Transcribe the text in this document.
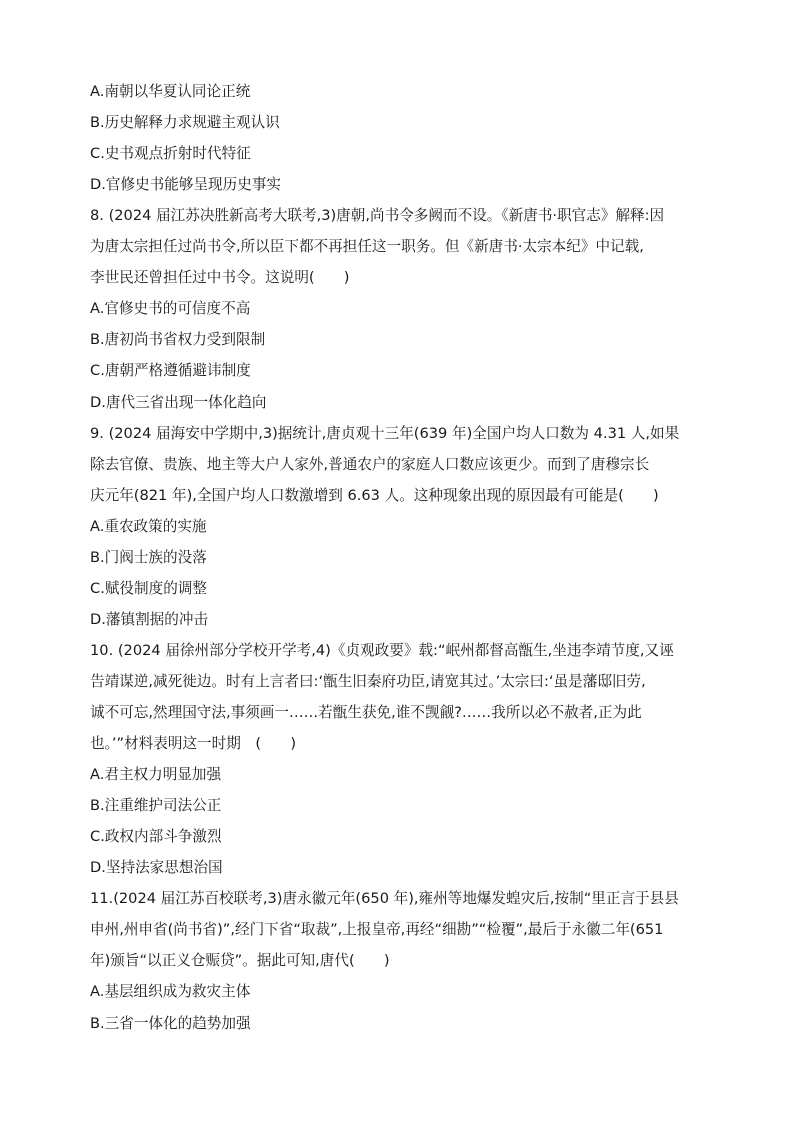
A.南朝以华夏认同论正统
B.历史解释力求规避主观认识
C.史书观点折射时代特征
D.官修史书能够呈现历史事实
8. (2024 届江苏决胜新高考大联考,3)唐朝,尚书令多阙而不设。《新唐书·职官志》解释:因
为唐太宗担任过尚书令,所以臣下都不再担任这一职务。但《新唐书·太宗本纪》中记载,
李世民还曾担任过中书令。这说明(　　)
A.官修史书的可信度不高
B.唐初尚书省权力受到限制
C.唐朝严格遵循避讳制度
D.唐代三省出现一体化趋向
9. (2024 届海安中学期中,3)据统计,唐贞观十三年(639 年)全国户均人口数为 4.31 人,如果
除去官僚、贵族、地主等大户人家外,普通农户的家庭人口数应该更少。而到了唐穆宗长
庆元年(821 年),全国户均人口数激增到 6.63 人。这种现象出现的原因最有可能是(　　)
A.重农政策的实施
B.门阀士族的没落
C.赋役制度的调整
D.藩镇割据的冲击
10. (2024 届徐州部分学校开学考,4)《贞观政要》载:“岷州都督高甑生,坐违李靖节度,又诬
告靖谋逆,减死徙边。时有上言者曰:‘甑生旧秦府功臣,请宽其过。’太宗曰:‘虽是藩邸旧劳,
诚不可忘,然理国守法,事须画一……若甑生获免,谁不觊觎?……我所以必不赦者,正为此
也。’”材料表明这一时期　(　　)
A.君主权力明显加强
B.注重维护司法公正
C.政权内部斗争激烈
D.坚持法家思想治国
11.(2024 届江苏百校联考,3)唐永徽元年(650 年),雍州等地爆发蝗灾后,按制“里正言于县县
申州,州申省(尚书省)”,经门下省“取裁”,上报皇帝,再经“细勘”“检覆”,最后于永徽二年(651
年)颁旨“以正义仓赈贷”。据此可知,唐代(　　)
A.基层组织成为救灾主体
B.三省一体化的趋势加强
